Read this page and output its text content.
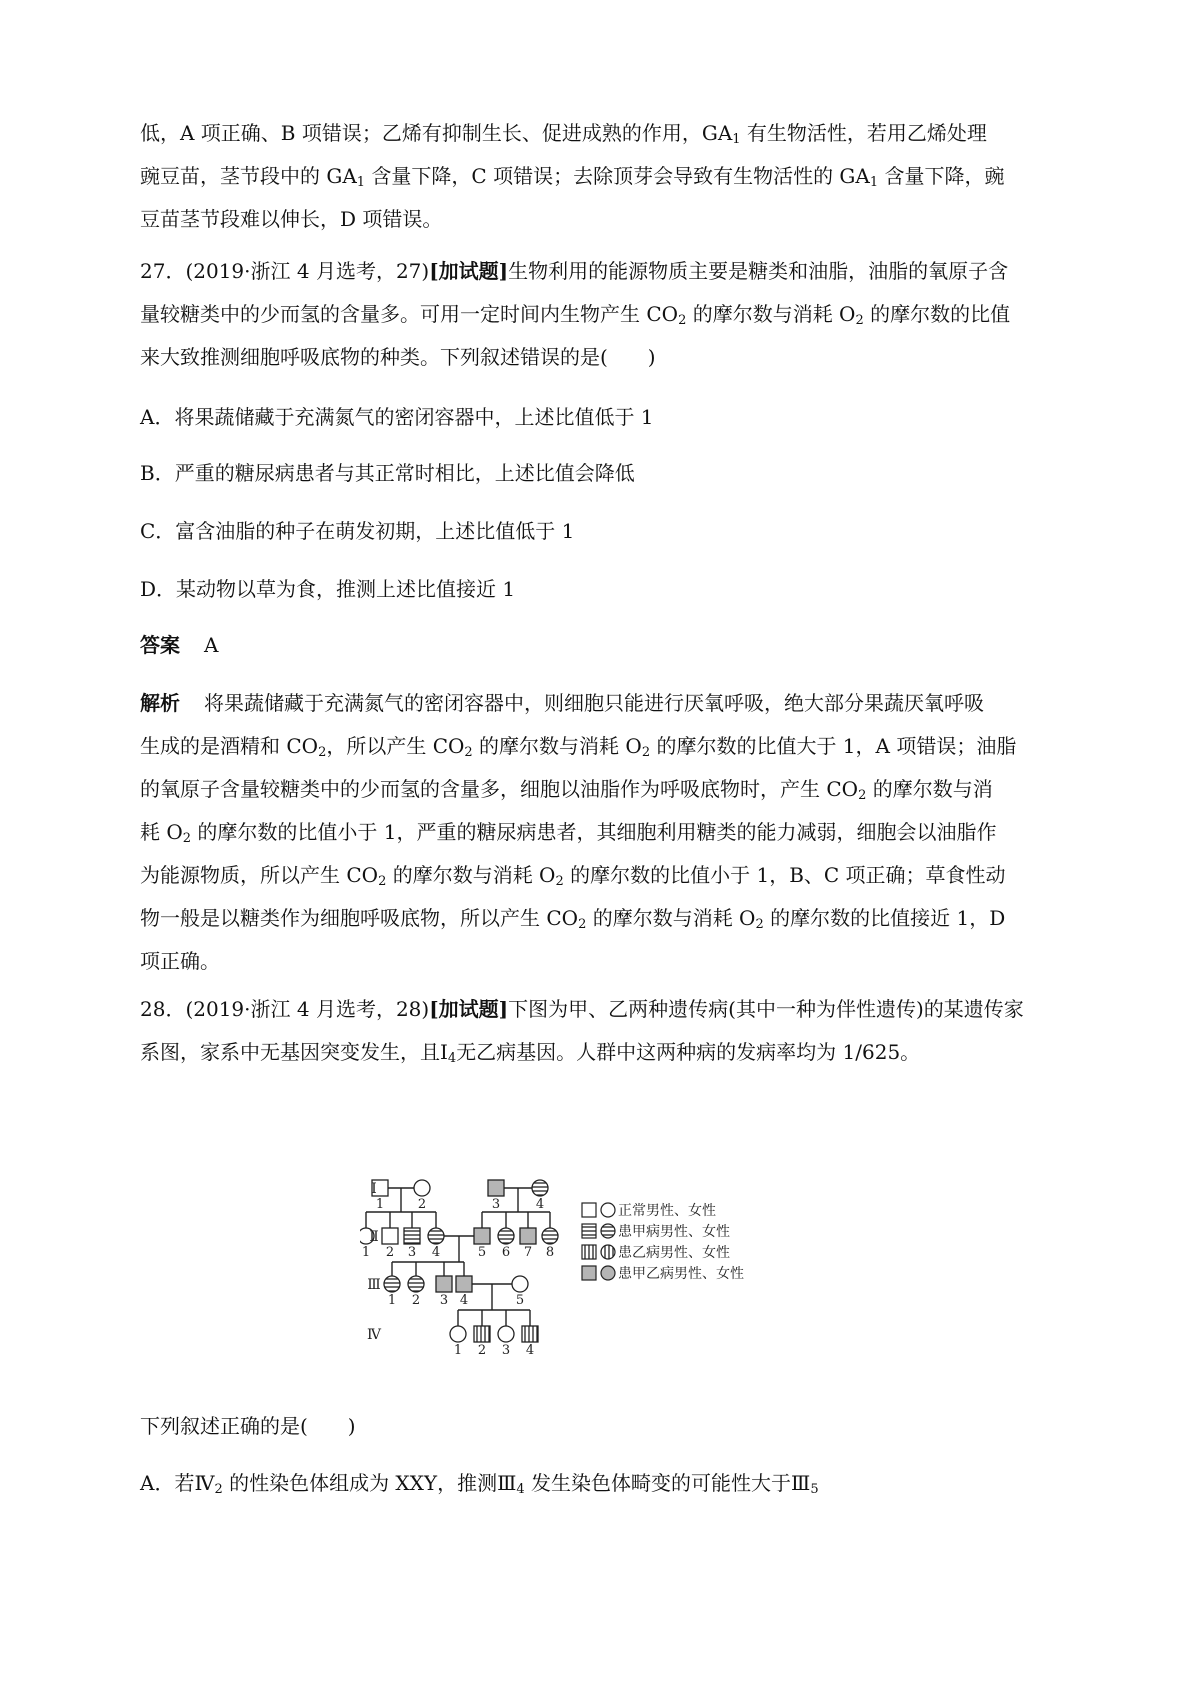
低，A 项正确、B 项错误；乙烯有抑制生长、促进成熟的作用，$GA_1$ 有生物活性，若用乙烯处理
豌豆苗，茎节段中的 $GA_1$ 含量下降，C 项错误；去除顶芽会导致有生物活性的 $GA_1$ 含量下降，豌
豆苗茎节段难以伸长，D 项错误。

27．(2019·浙江 4 月选考，27)[加试题]生物利用的能源物质主要是糖类和油脂，油脂的氧原子含
量较糖类中的少而氢的含量多。可用一定时间内生物产生 $CO_2$ 的摩尔数与消耗 $O_2$ 的摩尔数的比值
来大致推测细胞呼吸底物的种类。下列叙述错误的是(　　)

A．将果蔬储藏于充满氮气的密闭容器中，上述比值低于 1

B．严重的糖尿病患者与其正常时相比，上述比值会降低

C．富含油脂的种子在萌发初期，上述比值低于 1

D．某动物以草为食，推测上述比值接近 1

答案 A

解析 将果蔬储藏于充满氮气的密闭容器中，则细胞只能进行厌氧呼吸，绝大部分果蔬厌氧呼吸
生成的是酒精和 $CO_2$，所以产生 $CO_2$ 的摩尔数与消耗 $O_2$ 的摩尔数的比值大于 1，A 项错误；油脂
的氧原子含量较糖类中的少而氢的含量多，细胞以油脂作为呼吸底物时，产生 $CO_2$ 的摩尔数与消
耗 $O_2$ 的摩尔数的比值小于 1，严重的糖尿病患者，其细胞利用糖类的能力减弱，细胞会以油脂作
为能源物质，所以产生 $CO_2$ 的摩尔数与消耗 $O_2$ 的摩尔数的比值小于 1，B、C 项正确；草食性动
物一般是以糖类作为细胞呼吸底物，所以产生 $CO_2$ 的摩尔数与消耗 $O_2$ 的摩尔数的比值接近 1，D
项正确。

28．(2019·浙江 4 月选考，28)[加试题]下图为甲、乙两种遗传病(其中一种为伴性遗传)的某遗传家
系图，家系中无基因突变发生，且$Ⅰ_4$无乙病基因。人群中这两种病的发病率均为 1/625。

Ⅰ
Ⅱ
Ⅲ
Ⅳ
1	2	3	4
1 2 3 4	5 6 7 8
1 2 3 4	5
1 2 3 4
正常男性、女性
患甲病男性、女性
患乙病男性、女性
患甲乙病男性、女性

下列叙述正确的是(　　)

A．若$Ⅳ_2$ 的性染色体组成为 XXY，推测$Ⅲ_4$ 发生染色体畸变的可能性大于$Ⅲ_5$
